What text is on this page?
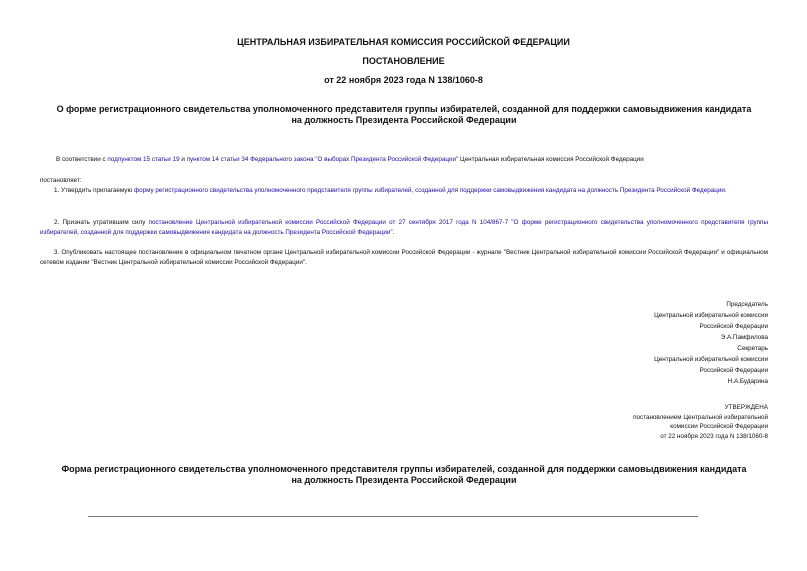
ЦЕНТРАЛЬНАЯ ИЗБИРАТЕЛЬНАЯ КОМИССИЯ РОССИЙСКОЙ ФЕДЕРАЦИИ
ПОСТАНОВЛЕНИЕ
от 22 ноября 2023 года N 138/1060-8
О форме регистрационного свидетельства уполномоченного представителя группы избирателей, созданной для поддержки самовыдвижения кандидата на должность Президента Российской Федерации
В соответствии с подпунктом 15 статьи 19 и пунктом 14 статьи 34 Федерального закона "О выборах Президента Российской Федерации" Центральная избирательная комиссия Российской Федерации
постановляет:
1. Утвердить прилагаемую форму регистрационного свидетельства уполномоченного представителя группы избирателей, созданной для поддержки самовыдвижения кандидата на должность Президента Российской Федерации.
2. Признать утратившим силу постановление Центральной избирательной комиссии Российской Федерации от 27 сентября 2017 года N 104/867-7 "О форме регистрационного свидетельства уполномоченного представителя группы избирателей, созданной для поддержки самовыдвижения кандидата на должность Президента Российской Федерации".
3. Опубликовать настоящее постановление в официальном печатном органе Центральной избирательной комиссии Российской Федерации - журнале "Вестник Центральной избирательной комиссии Российской Федерации" и официальном сетевом издании "Вестник Центральной избирательной комиссии Российской Федерации".
Председатель
Центральной избирательной комиссии
Российской Федерации
Э.А.Памфилова
Секретарь
Центральной избирательной комиссии
Российской Федерации
Н.А.Бударина
УТВЕРЖДЕНА
постановлением Центральной избирательной
комиссии Российской Федерации
от 22 ноября 2023 года N 138/1060-8
Форма регистрационного свидетельства уполномоченного представителя группы избирателей, созданной для поддержки самовыдвижения кандидата на должность Президента Российской Федерации
